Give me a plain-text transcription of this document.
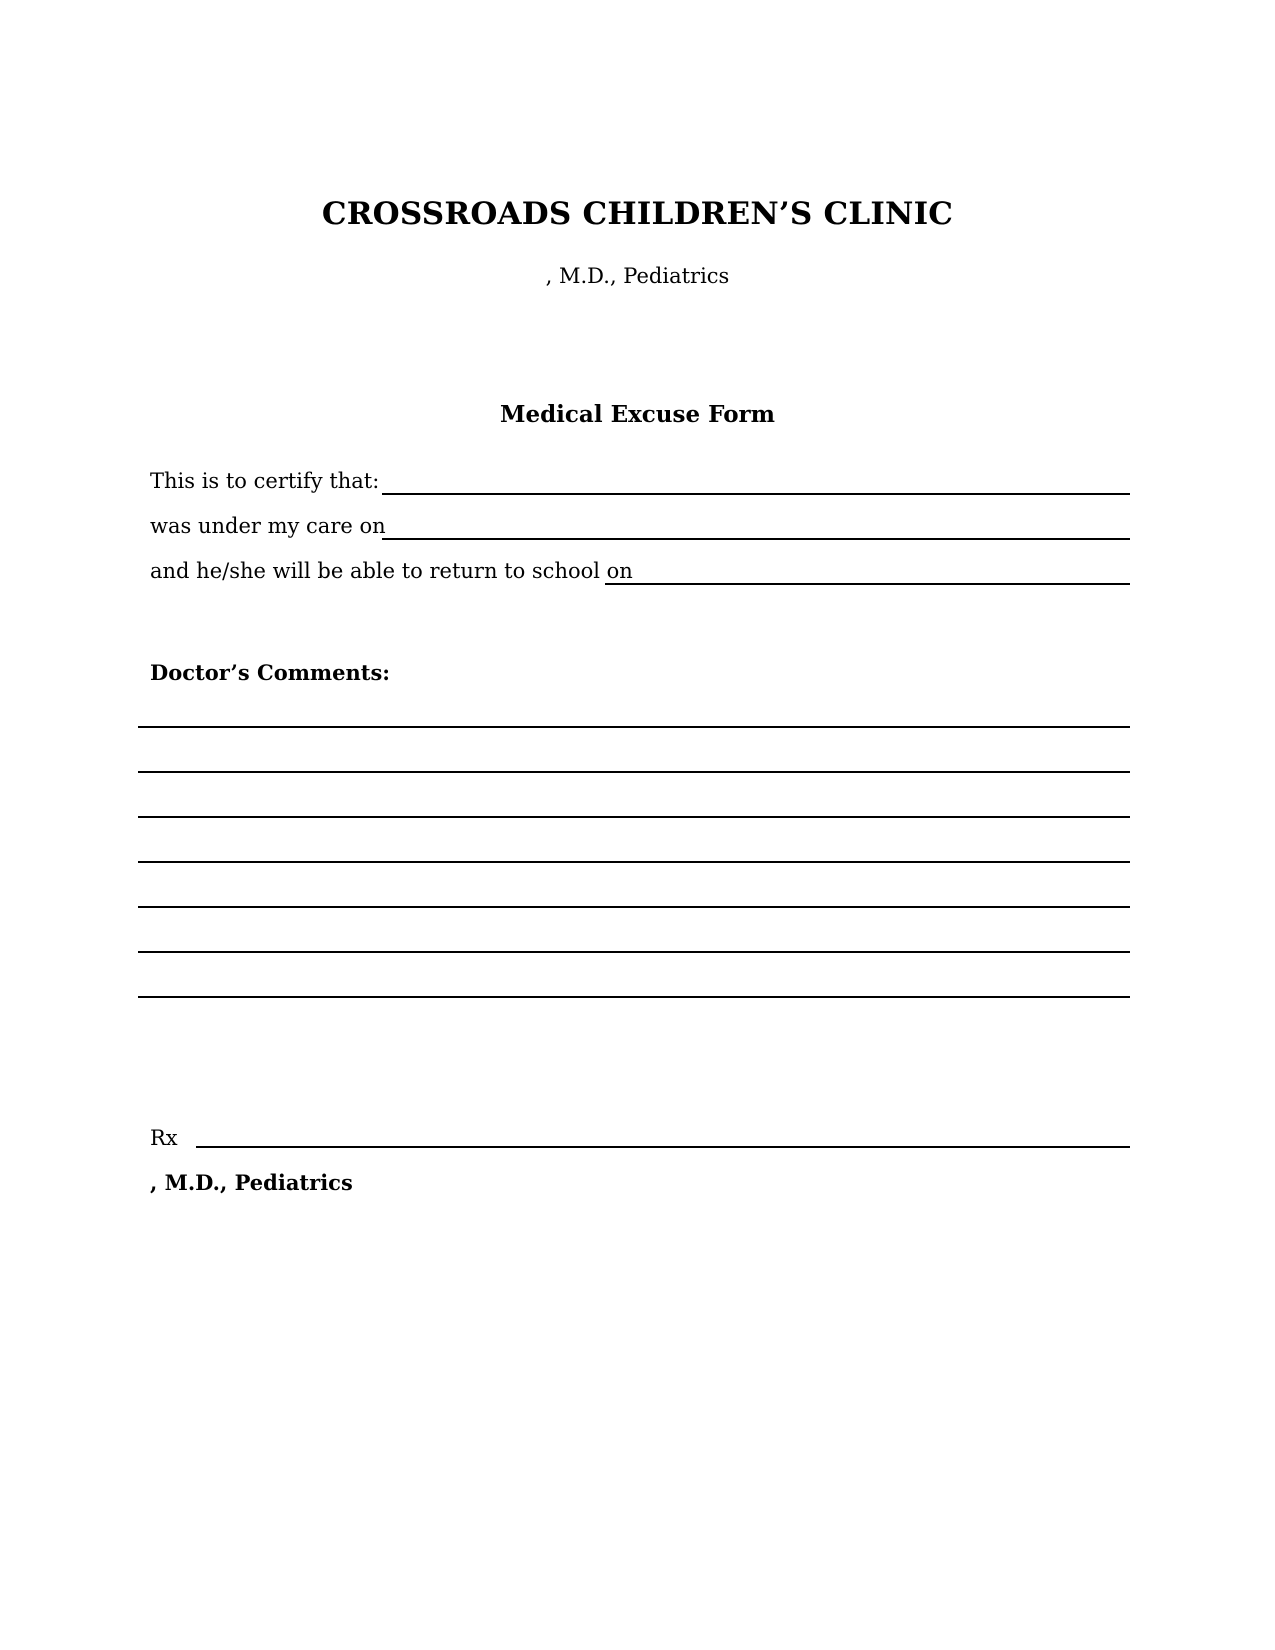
CROSSROADS CHILDREN’S CLINIC
, M.D., Pediatrics
Medical Excuse Form
This is to certify that:
was under my care on
and he/she will be able to return to school on
Doctor’s Comments:
Rx
, M.D., Pediatrics
